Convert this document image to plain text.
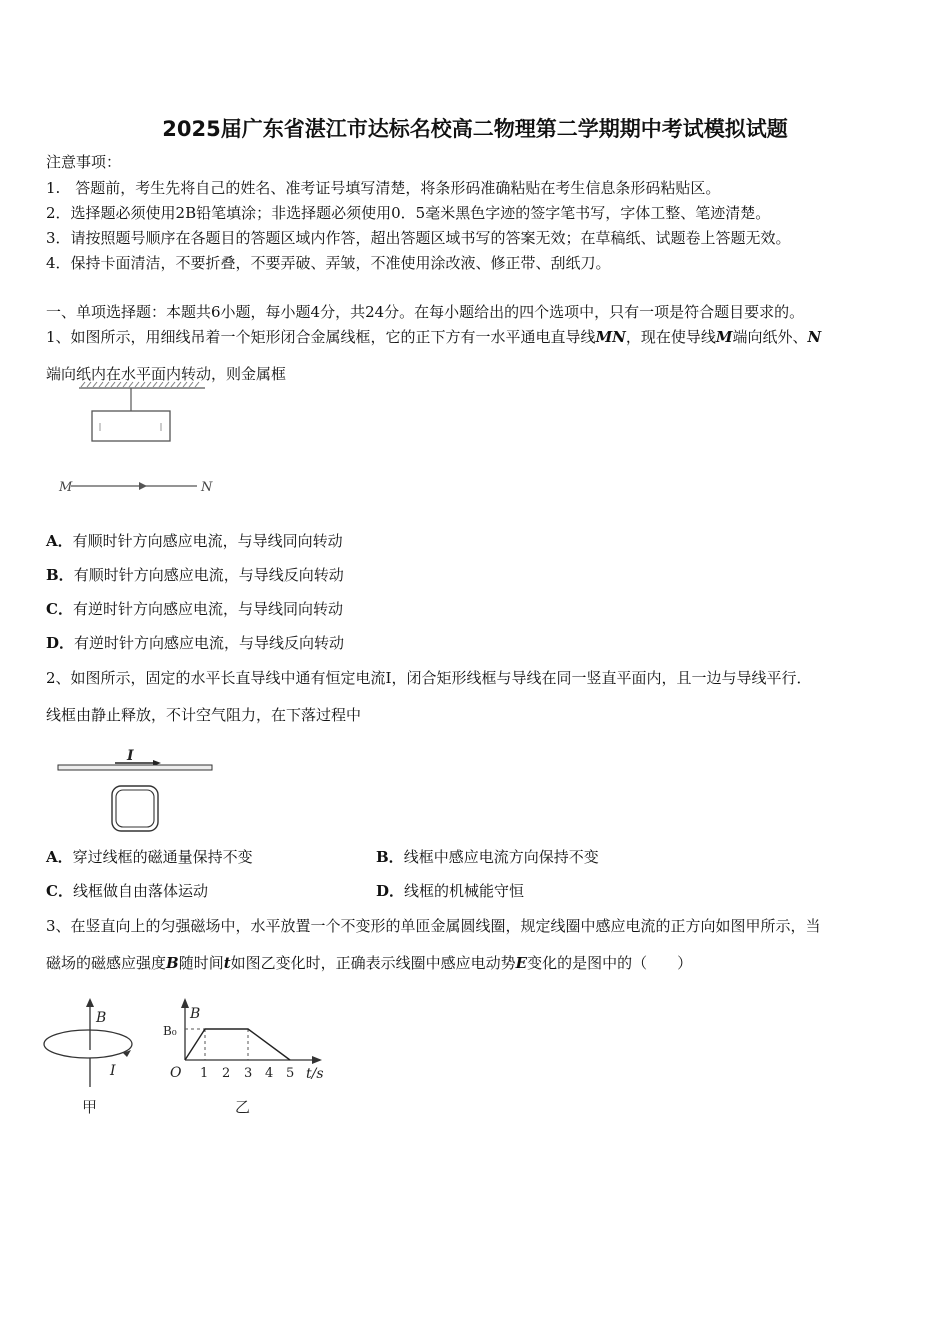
2025届广东省湛江市达标名校高二物理第二学期期中考试模拟试题
注意事项：
1.　答题前，考生先将自己的姓名、准考证号填写清楚，将条形码准确粘贴在考生信息条形码粘贴区。
2．选择题必须使用2B铅笔填涂；非选择题必须使用0．5毫米黑色字迹的签字笔书写，字体工整、笔迹清楚。
3．请按照题号顺序在各题目的答题区域内作答，超出答题区域书写的答案无效；在草稿纸、试题卷上答题无效。
4．保持卡面清洁，不要折叠，不要弄破、弄皱，不准使用涂改液、修正带、刮纸刀。
一、单项选择题：本题共6小题，每小题4分，共24分。在每小题给出的四个选项中，只有一项是符合题目要求的。
1、如图所示，用细线吊着一个矩形闭合金属线框，它的正下方有一水平通电直导线MN，现在使导线M端向纸外、N
端向纸内在水平面内转动，则金属框
M	N
A．有顺时针方向感应电流，与导线同向转动
B．有顺时针方向感应电流，与导线反向转动
C．有逆时针方向感应电流，与导线同向转动
D．有逆时针方向感应电流，与导线反向转动
2、如图所示，固定的水平长直导线中通有恒定电流I，闭合矩形线框与导线在同一竖直平面内，且一边与导线平行．
线框由静止释放，不计空气阻力，在下落过程中
I
A．穿过线框的磁通量保持不变	B．线框中感应电流方向保持不变
C．线框做自由落体运动	D．线框的机械能守恒
3、在竖直向上的匀强磁场中，水平放置一个不变形的单匝金属圆线圈，规定线圈中感应电流的正方向如图甲所示，当
磁场的磁感应强度B随时间t如图乙变化时，正确表示线圈中感应电动势E变化的是图中的（　　）
B
I
甲
B
B₀
O 1 2 3 4 5 t/s
乙
